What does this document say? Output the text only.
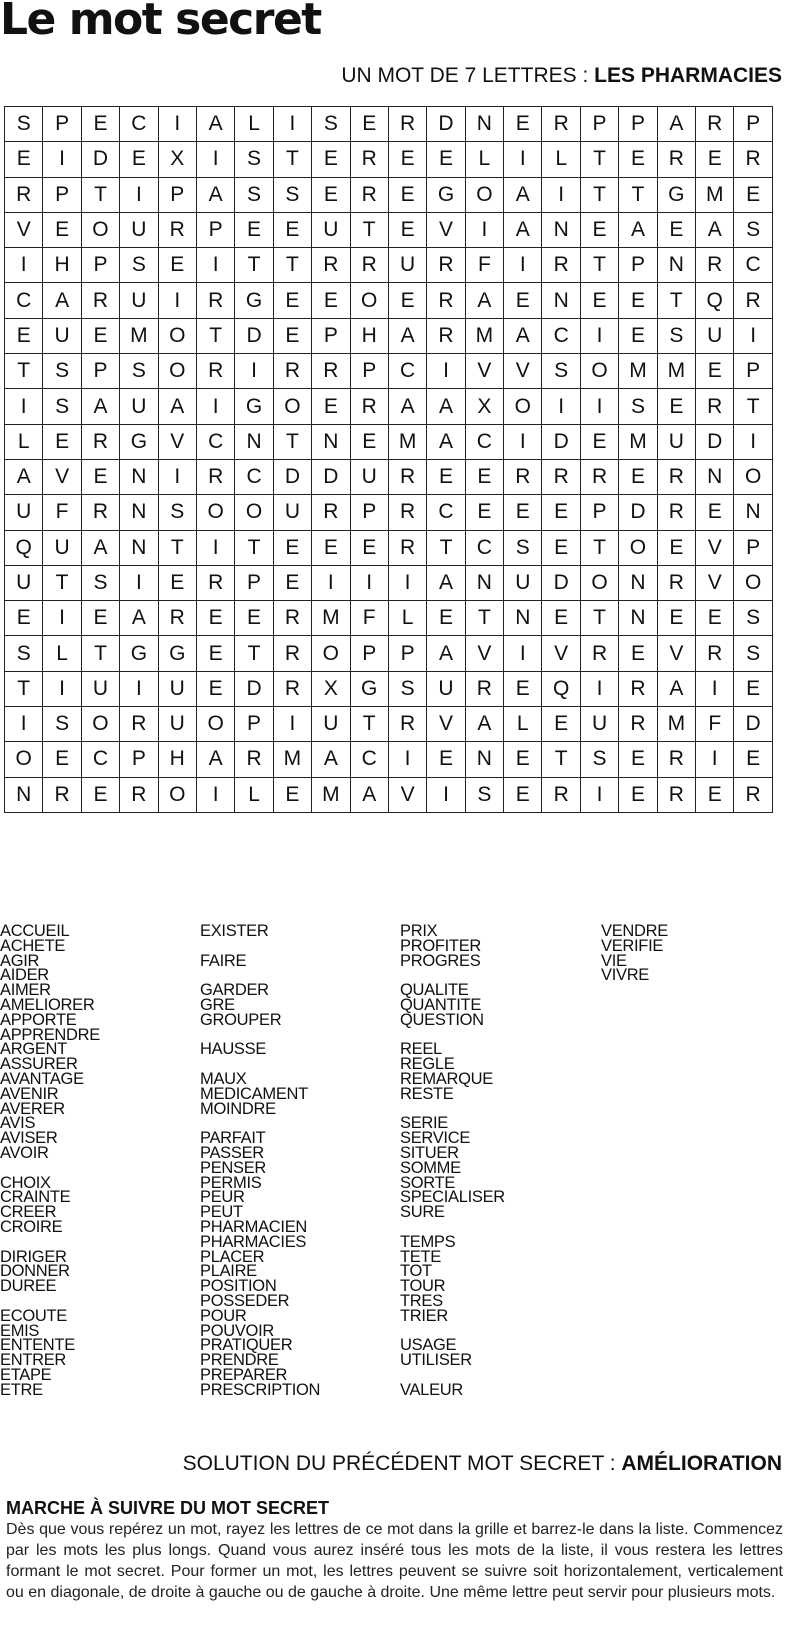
Le mot secret
UN MOT DE 7 LETTRES : LES PHARMACIES
S	P	E	C	I	A	L	I	S	E	R	D	N	E	R	P	P	A	R	P
E	I	D	E	X	I	S	T	E	R	E	E	L	I	L	T	E	R	E	R
R	P	T	I	P	A	S	S	E	R	E	G	O	A	I	T	T	G	M	E
V	E	O	U	R	P	E	E	U	T	E	V	I	A	N	E	A	E	A	S
I	H	P	S	E	I	T	T	R	R	U	R	F	I	R	T	P	N	R	C
C	A	R	U	I	R	G	E	E	O	E	R	A	E	N	E	E	T	Q	R
E	U	E	M	O	T	D	E	P	H	A	R	M	A	C	I	E	S	U	I
T	S	P	S	O	R	I	R	R	P	C	I	V	V	S	O	M	M	E	P
I	S	A	U	A	I	G	O	E	R	A	A	X	O	I	I	S	E	R	T
L	E	R	G	V	C	N	T	N	E	M	A	C	I	D	E	M	U	D	I
A	V	E	N	I	R	C	D	D	U	R	E	E	R	R	R	E	R	N	O
U	F	R	N	S	O	O	U	R	P	R	C	E	E	E	P	D	R	E	N
Q	U	A	N	T	I	T	E	E	E	R	T	C	S	E	T	O	E	V	P
U	T	S	I	E	R	P	E	I	I	I	A	N	U	D	O	N	R	V	O
E	I	E	A	R	E	E	R	M	F	L	E	T	N	E	T	N	E	E	S
S	L	T	G	G	E	T	R	O	P	P	A	V	I	V	R	E	V	R	S
T	I	U	I	U	E	D	R	X	G	S	U	R	E	Q	I	R	A	I	E
I	S	O	R	U	O	P	I	U	T	R	V	A	L	E	U	R	M	F	D
O	E	C	P	H	A	R	M	A	C	I	E	N	E	T	S	E	R	I	E
N	R	E	R	O	I	L	E	M	A	V	I	S	E	R	I	E	R	E	R
ACCUEIL
ACHETE
AGIR
AIDER
AIMER
AMELIORER
APPORTE
APPRENDRE
ARGENT
ASSURER
AVANTAGE
AVENIR
AVERER
AVIS
AVISER
AVOIR
CHOIX
CRAINTE
CREER
CROIRE
DIRIGER
DONNER
DUREE
ECOUTE
EMIS
ENTENTE
ENTRER
ETAPE
ETRE
EXISTER
FAIRE
GARDER
GRE
GROUPER
HAUSSE
MAUX
MEDICAMENT
MOINDRE
PARFAIT
PASSER
PENSER
PERMIS
PEUR
PEUT
PHARMACIEN
PHARMACIES
PLACER
PLAIRE
POSITION
POSSEDER
POUR
POUVOIR
PRATIQUER
PRENDRE
PREPARER
PRESCRIPTION
PRIX
PROFITER
PROGRES
QUALITE
QUANTITE
QUESTION
REEL
REGLE
REMARQUE
RESTE
SERIE
SERVICE
SITUER
SOMME
SORTE
SPECIALISER
SURE
TEMPS
TETE
TOT
TOUR
TRES
TRIER
USAGE
UTILISER
VALEUR
VENDRE
VERIFIE
VIE
VIVRE
SOLUTION DU PRÉCÉDENT MOT SECRET : AMÉLIORATION
MARCHE À SUIVRE DU MOT SECRET
Dès que vous repérez un mot, rayez les lettres de ce mot dans la grille et barrez-le dans la liste. Commencez par les mots les plus longs. Quand vous aurez inséré tous les mots de la liste, il vous restera les lettres formant le mot secret. Pour former un mot, les lettres peuvent se suivre soit horizontalement, verticalement ou en diagonale, de droite à gauche ou de gauche à droite. Une même lettre peut servir pour plusieurs mots.
